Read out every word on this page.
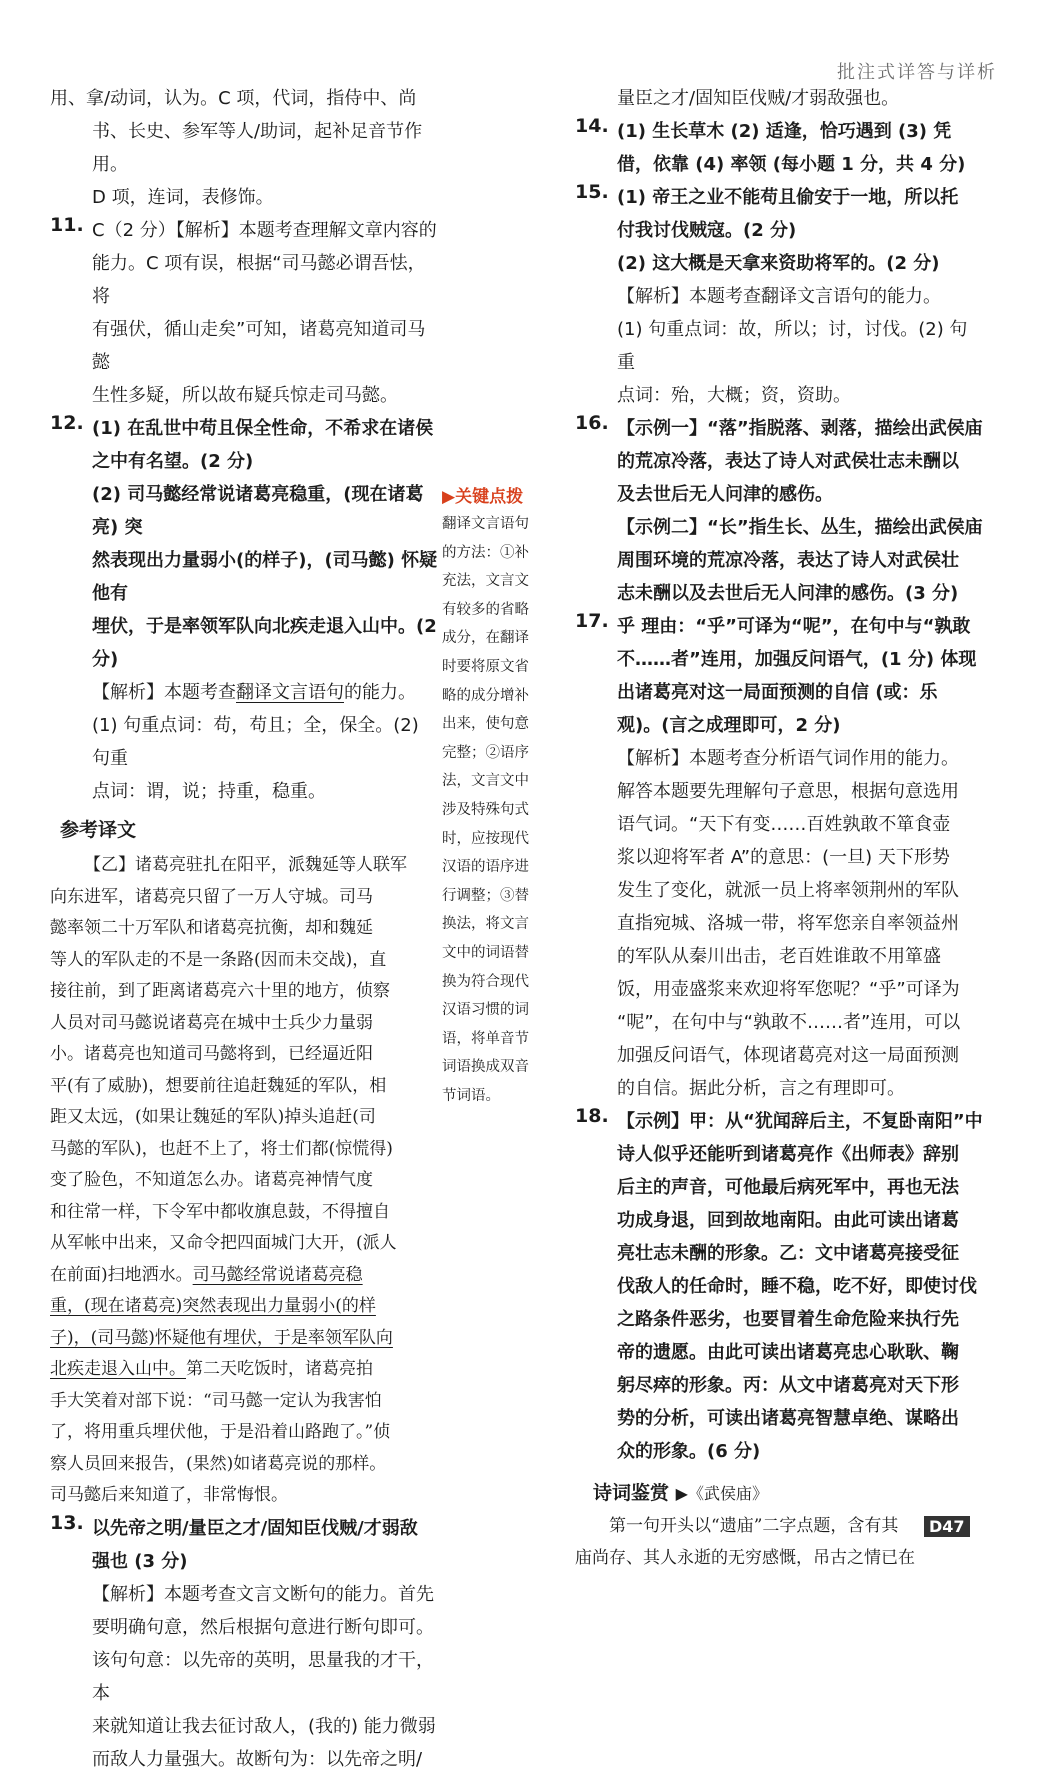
批注式详答与详析

用、拿/动词，认为。C 项，代词，指侍中、尚

书、长史、参军等人/助词，起补足音节作用。

D 项，连词，表修饰。

11. C（2 分）【解析】本题考查理解文章内容的

能力。C 项有误，根据“司马懿必谓吾怯，将

有强伏，循山走矣”可知，诸葛亮知道司马懿

生性多疑，所以故布疑兵惊走司马懿。

12. (1) 在乱世中苟且保全性命，不希求在诸侯

之中有名望。(2 分)

(2) 司马懿经常说诸葛亮稳重，(现在诸葛亮) 突

然表现出力量弱小(的样子)，(司马懿) 怀疑他有

埋伏，于是率领军队向北疾走退入山中。(2 分)

【解析】本题考查翻译文言语句的能力。

(1) 句重点词：苟，苟且；全，保全。(2) 句重

点词：谓，说；持重，稳重。

参考译文

【乙】诸葛亮驻扎在阳平，派魏延等人联军

向东进军，诸葛亮只留了一万人守城。司马

懿率领二十万军队和诸葛亮抗衡，却和魏延

等人的军队走的不是一条路(因而未交战)，直

接往前，到了距离诸葛亮六十里的地方，侦察

人员对司马懿说诸葛亮在城中士兵少力量弱

小。诸葛亮也知道司马懿将到，已经逼近阳

平(有了威胁)，想要前往追赶魏延的军队，相

距又太远，(如果让魏延的军队)掉头追赶(司

马懿的军队)，也赶不上了，将士们都(惊慌得)

变了脸色，不知道怎么办。诸葛亮神情气度

和往常一样，下令军中都收旗息鼓，不得擅自

从军帐中出来，又命令把四面城门大开，(派人

在前面)扫地洒水。司马懿经常说诸葛亮稳

重，(现在诸葛亮)突然表现出力量弱小(的样

子)，(司马懿)怀疑他有埋伏，于是率领军队向

北疾走退入山中。第二天吃饭时，诸葛亮拍

手大笑着对部下说：“司马懿一定认为我害怕

了，将用重兵埋伏他，于是沿着山路跑了。”侦

察人员回来报告，(果然)如诸葛亮说的那样。

司马懿后来知道了，非常悔恨。

13. 以先帝之明/量臣之才/固知臣伐贼/才弱敌

强也 (3 分)

【解析】本题考查文言文断句的能力。首先

要明确句意，然后根据句意进行断句即可。

该句句意：以先帝的英明，思量我的才干，本

来就知道让我去征讨敌人，(我的) 能力微弱

而敌人力量强大。故断句为：以先帝之明/

▶关键点拨

翻译文言语句

的方法：①补

充法，文言文

有较多的省略

成分，在翻译

时要将原文省

略的成分增补

出来，使句意

完整；②语序

法，文言文中

涉及特殊句式

时，应按现代

汉语的语序进

行调整；③替

换法，将文言

文中的词语替

换为符合现代

汉语习惯的词

语，将单音节

词语换成双音

节词语。

量臣之才/固知臣伐贼/才弱敌强也。

14. (1) 生长草木 (2) 适逢，恰巧遇到 (3) 凭

借，依靠 (4) 率领 (每小题 1 分，共 4 分)

15. (1) 帝王之业不能苟且偷安于一地，所以托

付我讨伐贼寇。(2 分)

(2) 这大概是天拿来资助将军的。(2 分)

【解析】本题考查翻译文言语句的能力。

(1) 句重点词：故，所以；讨，讨伐。(2) 句重

点词：殆，大概；资，资助。

16. 【示例一】“落”指脱落、剥落，描绘出武侯庙

的荒凉冷落，表达了诗人对武侯壮志未酬以

及去世后无人问津的感伤。

【示例二】“长”指生长、丛生，描绘出武侯庙

周围环境的荒凉冷落，表达了诗人对武侯壮

志未酬以及去世后无人问津的感伤。(3 分)

17. 乎 理由：“乎”可译为“呢”，在句中与“孰敢

不……者”连用，加强反问语气，(1 分) 体现

出诸葛亮对这一局面预测的自信 (或：乐

观)。(言之成理即可，2 分)

【解析】本题考查分析语气词作用的能力。

解答本题要先理解句子意思，根据句意选用

语气词。“天下有变……百姓孰敢不箪食壶

浆以迎将军者 A”的意思：(一旦) 天下形势

发生了变化，就派一员上将率领荆州的军队

直指宛城、洛城一带，将军您亲自率领益州

的军队从秦川出击，老百姓谁敢不用箪盛

饭，用壶盛浆来欢迎将军您呢？“乎”可译为

“呢”，在句中与“孰敢不……者”连用，可以

加强反问语气，体现诸葛亮对这一局面预测

的自信。据此分析，言之有理即可。

18. 【示例】甲：从“犹闻辞后主，不复卧南阳”中

诗人似乎还能听到诸葛亮作《出师表》辞别

后主的声音，可他最后病死军中，再也无法

功成身退，回到故地南阳。由此可读出诸葛

亮壮志未酬的形象。乙：文中诸葛亮接受征

伐敌人的任命时，睡不稳，吃不好，即使讨伐

之路条件恶劣，也要冒着生命危险来执行先

帝的遗愿。由此可读出诸葛亮忠心耿耿、鞠

躬尽瘁的形象。丙：从文中诸葛亮对天下形

势的分析，可读出诸葛亮智慧卓绝、谋略出

众的形象。(6 分)

诗词鉴赏 ▶《武侯庙》

第一句开头以“遗庙”二字点题，含有其

庙尚存、其人永逝的无穷感慨，吊古之情已在

D47
